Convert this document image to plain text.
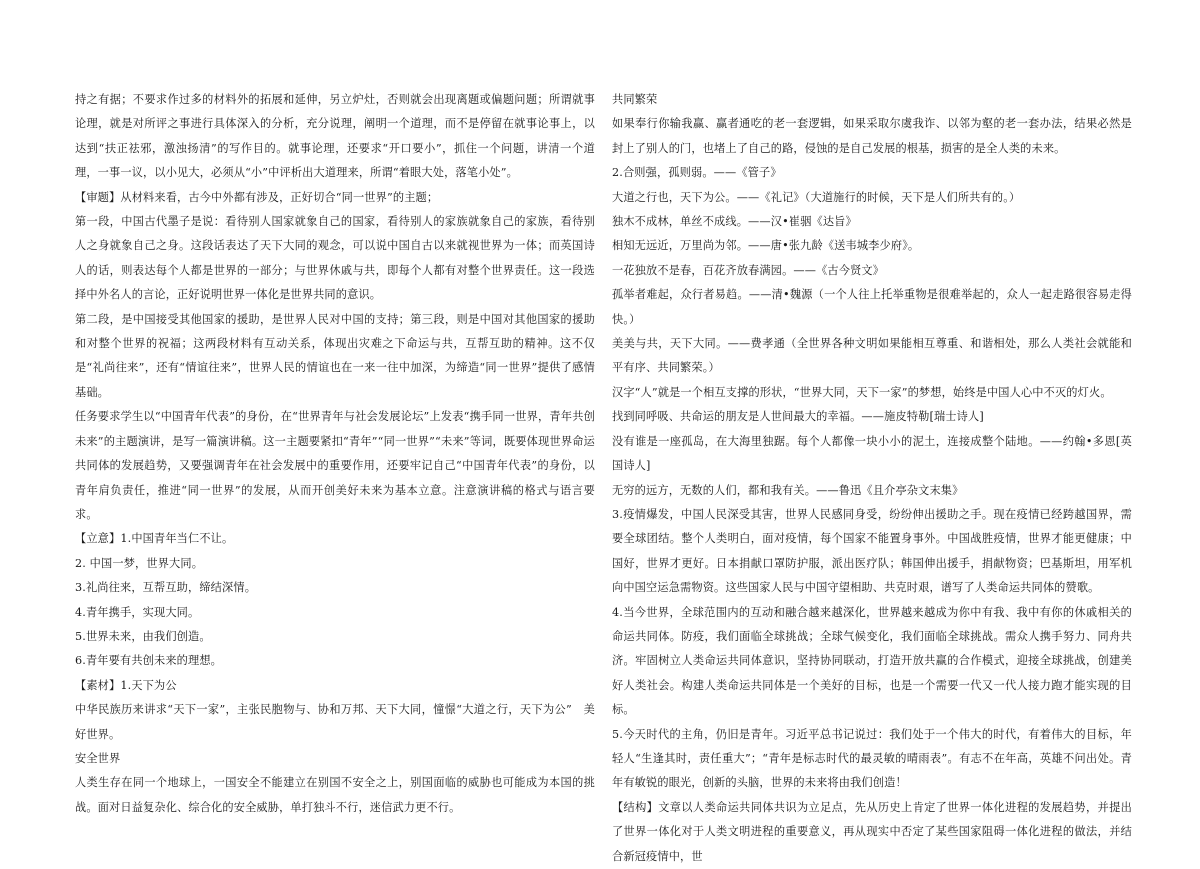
持之有据；不要求作过多的材料外的拓展和延伸，另立炉灶，否则就会出现离题或偏题问题；所谓就事论理，就是对所评之事进行具体深入的分析，充分说理，阐明一个道理，而不是停留在就事论事上，以达到“扶正祛邪，激浊扬清”的写作目的。就事论理，还要求“开口要小”，抓住一个问题，讲清一个道理，一事一议，以小见大，必须从“小”中评析出大道理来，所谓“着眼大处，落笔小处”。

【审题】从材料来看，古今中外都有涉及，正好切合“同一世界”的主题；

第一段，中国古代墨子是说：看待别人国家就象自己的国家，看待别人的家族就象自己的家族，看待别人之身就象自己之身。这段话表达了天下大同的观念，可以说中国自古以来就视世界为一体；而英国诗人的话，则表达每个人都是世界的一部分；与世界休戚与共，即每个人都有对整个世界责任。这一段选择中外名人的言论，正好说明世界一体化是世界共同的意识。

第二段，是中国接受其他国家的援助，是世界人民对中国的支持；第三段，则是中国对其他国家的援助和对整个世界的祝福；这两段材料有互动关系，体现出灾难之下命运与共，互帮互助的精神。这不仅是“礼尚往来”，还有“情谊往来”，世界人民的情谊也在一来一往中加深，为缔造“同一世界”提供了感情基础。

任务要求学生以“中国青年代表”的身份，在“世界青年与社会发展论坛”上发表“携手同一世界，青年共创未来”的主题演讲，是写一篇演讲稿。这一主题要紧扣“青年”“同一世界”“未来”等词，既要体现世界命运共同体的发展趋势，又要强调青年在社会发展中的重要作用，还要牢记自己“中国青年代表”的身份，以青年肩负责任，推进“同一世界”的发展，从而开创美好未来为基本立意。注意演讲稿的格式与语言要求。

【立意】1.中国青年当仁不让。

2. 中国一梦，世界大同。

3.礼尚往来，互帮互助，缔结深情。

4.青年携手，实现大同。

5.世界未来，由我们创造。

6.青年要有共创未来的理想。

【素材】1.天下为公

中华民族历来讲求“天下一家”，主张民胞物与、协和万邦、天下大同，憧憬“大道之行，天下为公”　美好世界。

安全世界

人类生存在同一个地球上，一国安全不能建立在别国不安全之上，别国面临的威胁也可能成为本国的挑战。面对日益复杂化、综合化的安全威胁，单打独斗不行，迷信武力更不行。

共同繁荣

如果奉行你输我赢、赢者通吃的老一套逻辑，如果采取尔虞我诈、以邻为壑的老一套办法，结果必然是封上了别人的门，也堵上了自己的路，侵蚀的是自己发展的根基，损害的是全人类的未来。

2.合则强，孤则弱。——《管子》

大道之行也，天下为公。——《礼记》（大道施行的时候，天下是人们所共有的。）

独木不成林，单丝不成线。——汉•崔骃《达旨》

相知无远近，万里尚为邻。——唐•张九龄《送韦城李少府》。

一花独放不是春，百花齐放春满园。——《古今贤文》

孤举者难起，众行者易趋。——清•魏源（一个人往上托举重物是很难举起的，众人一起走路很容易走得快。）

美美与共，天下大同。——费孝通（全世界各种文明如果能相互尊重、和谐相处，那么人类社会就能和平有序、共同繁荣。）

汉字“人”就是一个相互支撑的形状，“世界大同，天下一家”的梦想，始终是中国人心中不灭的灯火。

找到同呼吸、共命运的朋友是人世间最大的幸福。——施皮特勒[瑞士诗人]

没有谁是一座孤岛，在大海里独踞。每个人都像一块小小的泥土，连接成整个陆地。——约翰•多恩[英国诗人]

无穷的远方，无数的人们，都和我有关。——鲁迅《且介亭杂文末集》

3.疫情爆发，中国人民深受其害，世界人民感同身受，纷纷伸出援助之手。现在疫情已经跨越国界，需要全球团结。整个人类明白，面对疫情，每个国家不能置身事外。中国战胜疫情，世界才能更健康；中国好，世界才更好。日本捐献口罩防护服，派出医疗队；韩国伸出援手，捐献物资；巴基斯坦，用军机向中国空运急需物资。这些国家人民与中国守望相助、共克时艰，谱写了人类命运共同体的赞歌。

4.当今世界，全球范围内的互动和融合越来越深化，世界越来越成为你中有我、我中有你的休戚相关的命运共同体。防疫，我们面临全球挑战；全球气候变化，我们面临全球挑战。需众人携手努力、同舟共济。牢固树立人类命运共同体意识，坚持协同联动，打造开放共赢的合作模式，迎接全球挑战，创建美好人类社会。构建人类命运共同体是一个美好的目标，也是一个需要一代又一代人接力跑才能实现的目标。

5.今天时代的主角，仍旧是青年。习近平总书记说过：我们处于一个伟大的时代，有着伟大的目标，年轻人“生逢其时，责任重大”；“青年是标志时代的最灵敏的晴雨表”。有志不在年高，英雄不问出处。青年有敏锐的眼光，创新的头脑，世界的未来将由我们创造！

【结构】文章以人类命运共同体共识为立足点，先从历史上肯定了世界一体化进程的发展趋势，并提出了世界一体化对于人类文明进程的重要意义，再从现实中否定了某些国家阻碍一体化进程的做法，并结合新冠疫情中，世
